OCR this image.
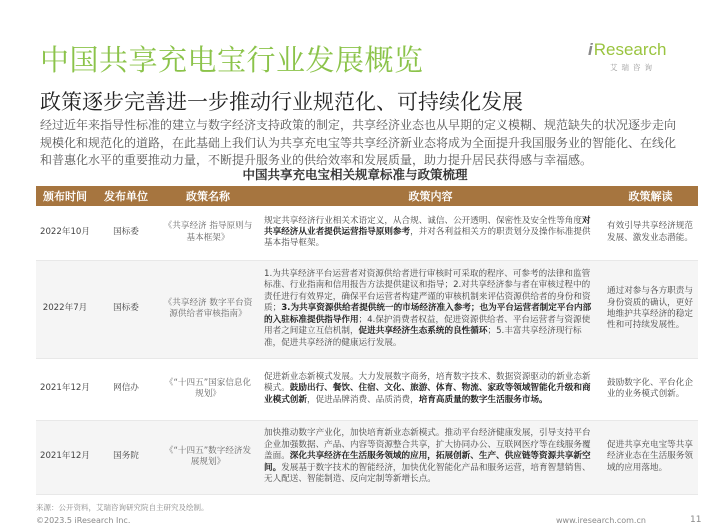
中国共享充电宝行业发展概览	iResearch
艾瑞咨询
政策逐步完善进一步推动行业规范化、可持续化发展
经过近年来指导性标准的建立与数字经济支持政策的制定，共享经济业态也从早期的定义模糊、规范缺失的状况逐步走向规模化和规范化的道路，在此基础上我们认为共享充电宝等共享经济新业态将成为全面提升我国服务业的智能化、在线化和普惠化水平的重要推动力量，不断提升服务业的供给效率和发展质量，助力提升居民获得感与幸福感。
中国共享充电宝相关规章标准与政策梳理
颁布时间	发布单位	政策名称	政策内容	政策解读
2022年10月	国标委	《共享经济 指导原则与基本框架》	规定共享经济行业相关术语定义，从合规、诚信、公开透明、保密性及安全性等角度对共享经济从业者提供运营指导原则参考，并对各利益相关方的职责划分及操作标准提供基本指导框架。	有效引导共享经济规范发展、激发业态潜能。
2022年7月	国标委	《共享经济 数字平台资源供给者审核指南》	1.为共享经济平台运营者对资源供给者进行审核时可采取的程序、可参考的法律和监管标准、行业指南和信用报告方法提供建议和指导；2.对共享经济参与者在审核过程中的责任进行有效界定，确保平台运营者构建严谨的审核机制来评估资源供给者的身份和资质；3.为共享资源供给者提供统一的市场经济准入参考；也为平台运营者制定平台内部的入驻标准提供指导作用；4.保护消费者权益，促进资源供给者、平台运营者与资源使用者之间建立互信机制，促进共享经济生态系统的良性循环；5.丰富共享经济现行标准，促进共享经济的健康运行发展。	通过对参与各方职责与身份资质的确认，更好地维护共享经济的稳定性和可持续发展性。
2021年12月	网信办	《“十四五”国家信息化规划》	促进新业态新模式发展。大力发展数字商务，培育数字技术、数据资源驱动的新业态新模式。鼓励出行、餐饮、住宿、文化、旅游、体育、物流、家政等领域智能化升级和商业模式创新，促进品牌消费、品质消费，培育高质量的数字生活服务市场。	鼓励数字化、平台化企业的业务模式创新。
2021年12月	国务院	《“十四五”数字经济发展规划》	加快推动数字产业化，加快培育新业态新模式。推动平台经济健康发展，引导支持平台企业加强数据、产品、内容等资源整合共享，扩大协同办公、互联网医疗等在线服务覆盖面。深化共享经济在生活服务领域的应用，拓展创新、生产、供应链等资源共享新空间。发展基于数字技术的智能经济，加快优化智能化产品和服务运营，培育智慧销售、无人配送、智能制造、反向定制等新增长点。	促进共享充电宝等共享经济业态在生活服务领域的应用落地。
来源：公开资料，艾瑞咨询研究院自主研究及绘制。
©2023.5 iResearch Inc.	www.iresearch.com.cn	11
